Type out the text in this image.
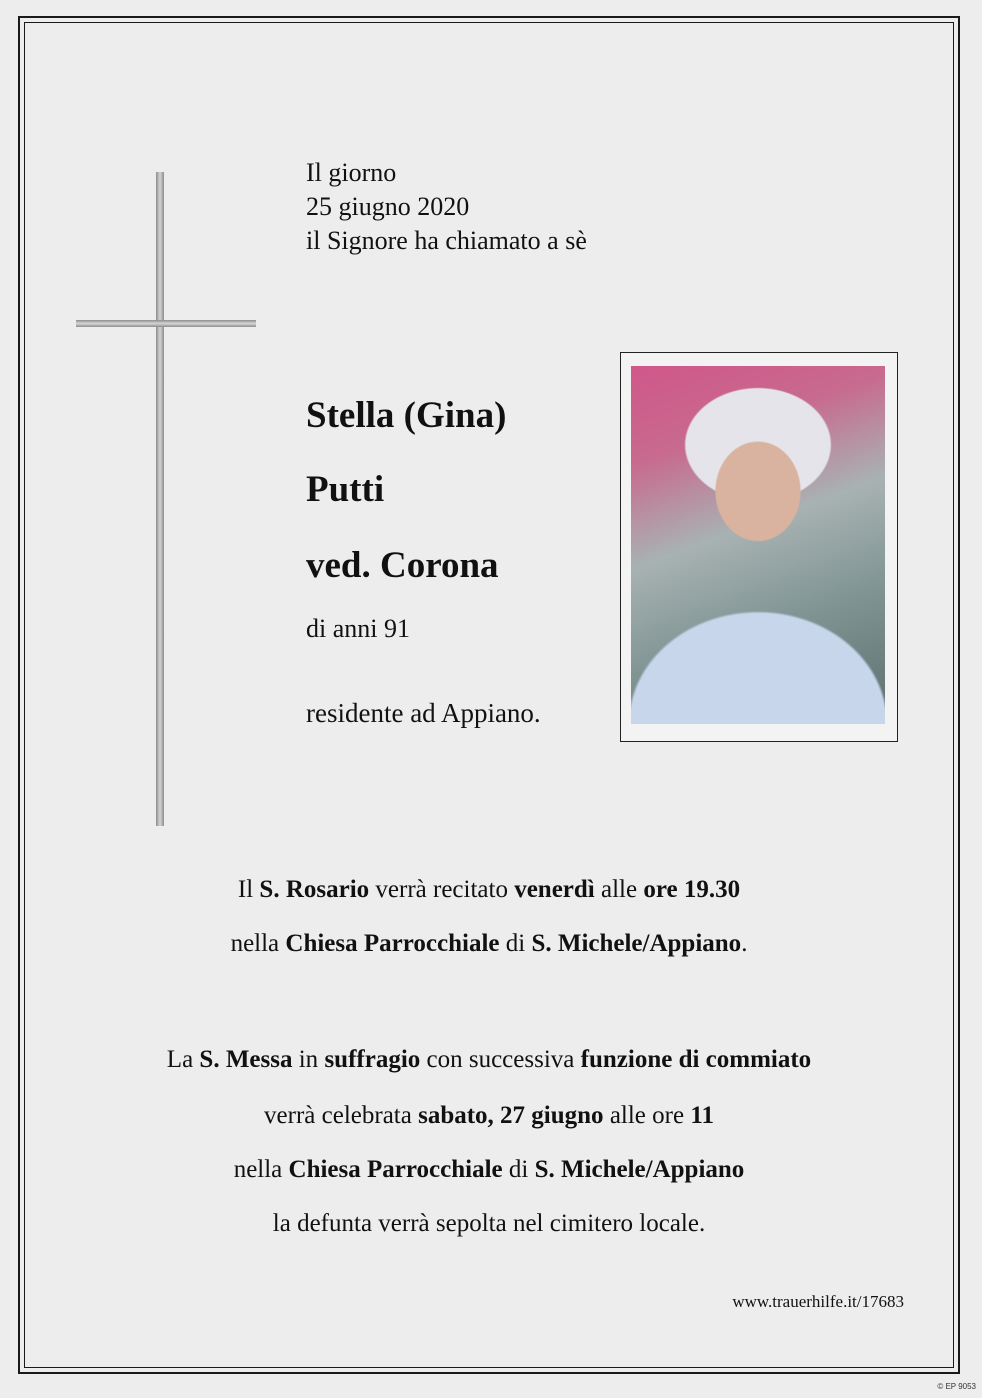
Il giorno
25 giugno 2020
il Signore ha chiamato a sè
Stella (Gina)
Putti
ved. Corona
di anni 91
residente ad Appiano.
Il S. Rosario verrà recitato venerdì alle ore 19.30
nella Chiesa Parrocchiale di S. Michele/Appiano.
La S. Messa in suffragio con successiva funzione di commiato
verrà celebrata sabato, 27 giugno alle ore 11
nella Chiesa Parrocchiale di S. Michele/Appiano
la defunta verrà sepolta nel cimitero locale.
www.trauerhilfe.it/17683
© EP 9053
